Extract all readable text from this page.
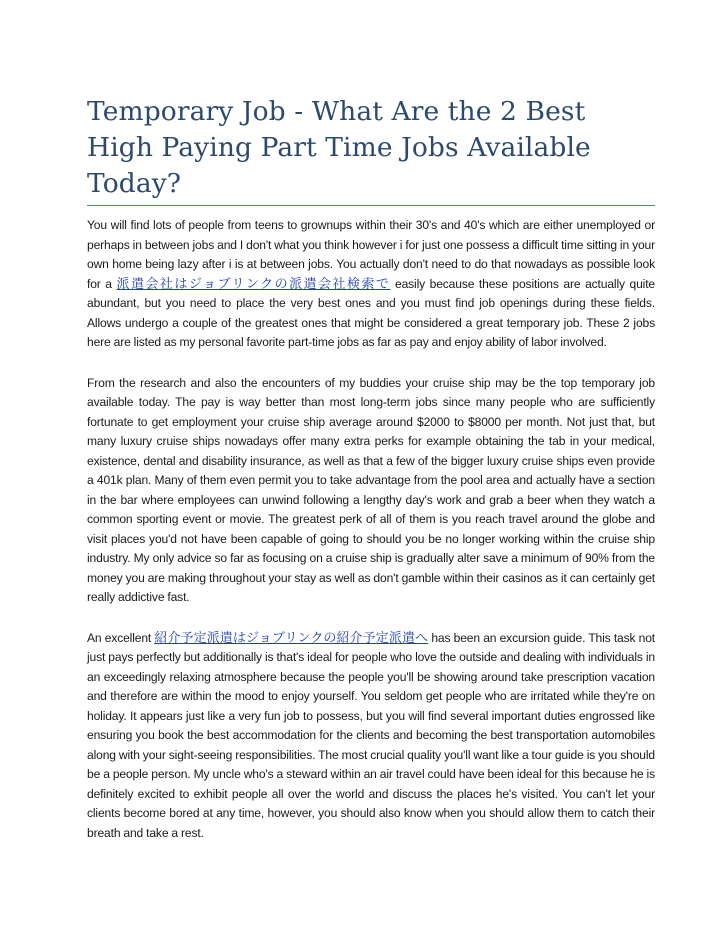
Temporary Job - What Are the 2 Best High Paying Part Time Jobs Available Today?

You will find lots of people from teens to grownups within their 30's and 40's which are either unemployed or perhaps in between jobs and I don't what you think however i for just one possess a difficult time sitting in your own home being lazy after i is at between jobs. You actually don't need to do that nowadays as possible look for a 派遣会社はジョブリンクの派遣会社検索で easily because these positions are actually quite abundant, but you need to place the very best ones and you must find job openings during these fields. Allows undergo a couple of the greatest ones that might be considered a great temporary job. These 2 jobs here are listed as my personal favorite part-time jobs as far as pay and enjoy ability of labor involved.

From the research and also the encounters of my buddies your cruise ship may be the top temporary job available today. The pay is way better than most long-term jobs since many people who are sufficiently fortunate to get employment your cruise ship average around $2000 to $8000 per month. Not just that, but many luxury cruise ships nowadays offer many extra perks for example obtaining the tab in your medical, existence, dental and disability insurance, as well as that a few of the bigger luxury cruise ships even provide a 401k plan. Many of them even permit you to take advantage from the pool area and actually have a section in the bar where employees can unwind following a lengthy day's work and grab a beer when they watch a common sporting event or movie. The greatest perk of all of them is you reach travel around the globe and visit places you'd not have been capable of going to should you be no longer working within the cruise ship industry. My only advice so far as focusing on a cruise ship is gradually alter save a minimum of 90% from the money you are making throughout your stay as well as don't gamble within their casinos as it can certainly get really addictive fast.

An excellent 紹介予定派遣はジョブリンクの紹介予定派遣へ has been an excursion guide. This task not just pays perfectly but additionally is that's ideal for people who love the outside and dealing with individuals in an exceedingly relaxing atmosphere because the people you'll be showing around take prescription vacation and therefore are within the mood to enjoy yourself. You seldom get people who are irritated while they're on holiday. It appears just like a very fun job to possess, but you will find several important duties engrossed like ensuring you book the best accommodation for the clients and becoming the best transportation automobiles along with your sight-seeing responsibilities. The most crucial quality you'll want like a tour guide is you should be a people person. My uncle who's a steward within an air travel could have been ideal for this because he is definitely excited to exhibit people all over the world and discuss the places he's visited. You can't let your clients become bored at any time, however, you should also know when you should allow them to catch their breath and take a rest.
